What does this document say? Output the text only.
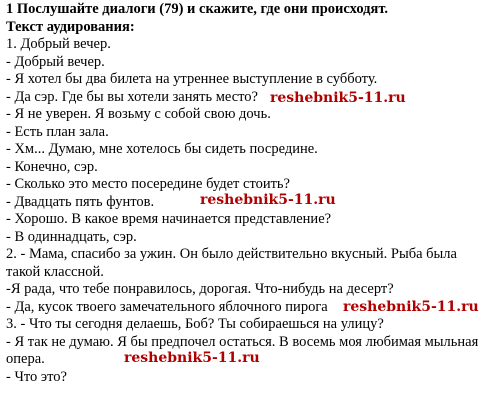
1 Послушайте диалоги (79) и скажите, где они происходят.
Текст аудирования:
1. Добрый вечер.
- Добрый вечер.
- Я хотел бы два билета на утреннее выступление в субботу.
- Да сэр. Где бы вы хотели занять место? reshebnik5-11.ru
- Я не уверен. Я возьму с собой свою дочь.
- Есть план зала.
- Хм... Думаю, мне хотелось бы сидеть посредине.
- Конечно, сэр.
- Сколько это место посередине будет стоить?
- Двадцать пять фунтов.	reshebnik5-11.ru
- Хорошо. В какое время начинается представление?
- В одиннадцать, сэр.
2. - Мама, спасибо за ужин. Он было действительно вкусный. Рыба была
такой классной.
-Я рада, что тебе понравилось, дорогая. Что-нибудь на десерт?
- Да, кусок твоего замечательного яблочного пирога reshebnik5-11.ru
3. - Что ты сегодня делаешь, Боб? Ты собираешься на улицу?
- Я так не думаю. Я бы предпочел остаться. В восемь моя любимая мыльная
опера.	reshebnik5-11.ru
- Что это?
